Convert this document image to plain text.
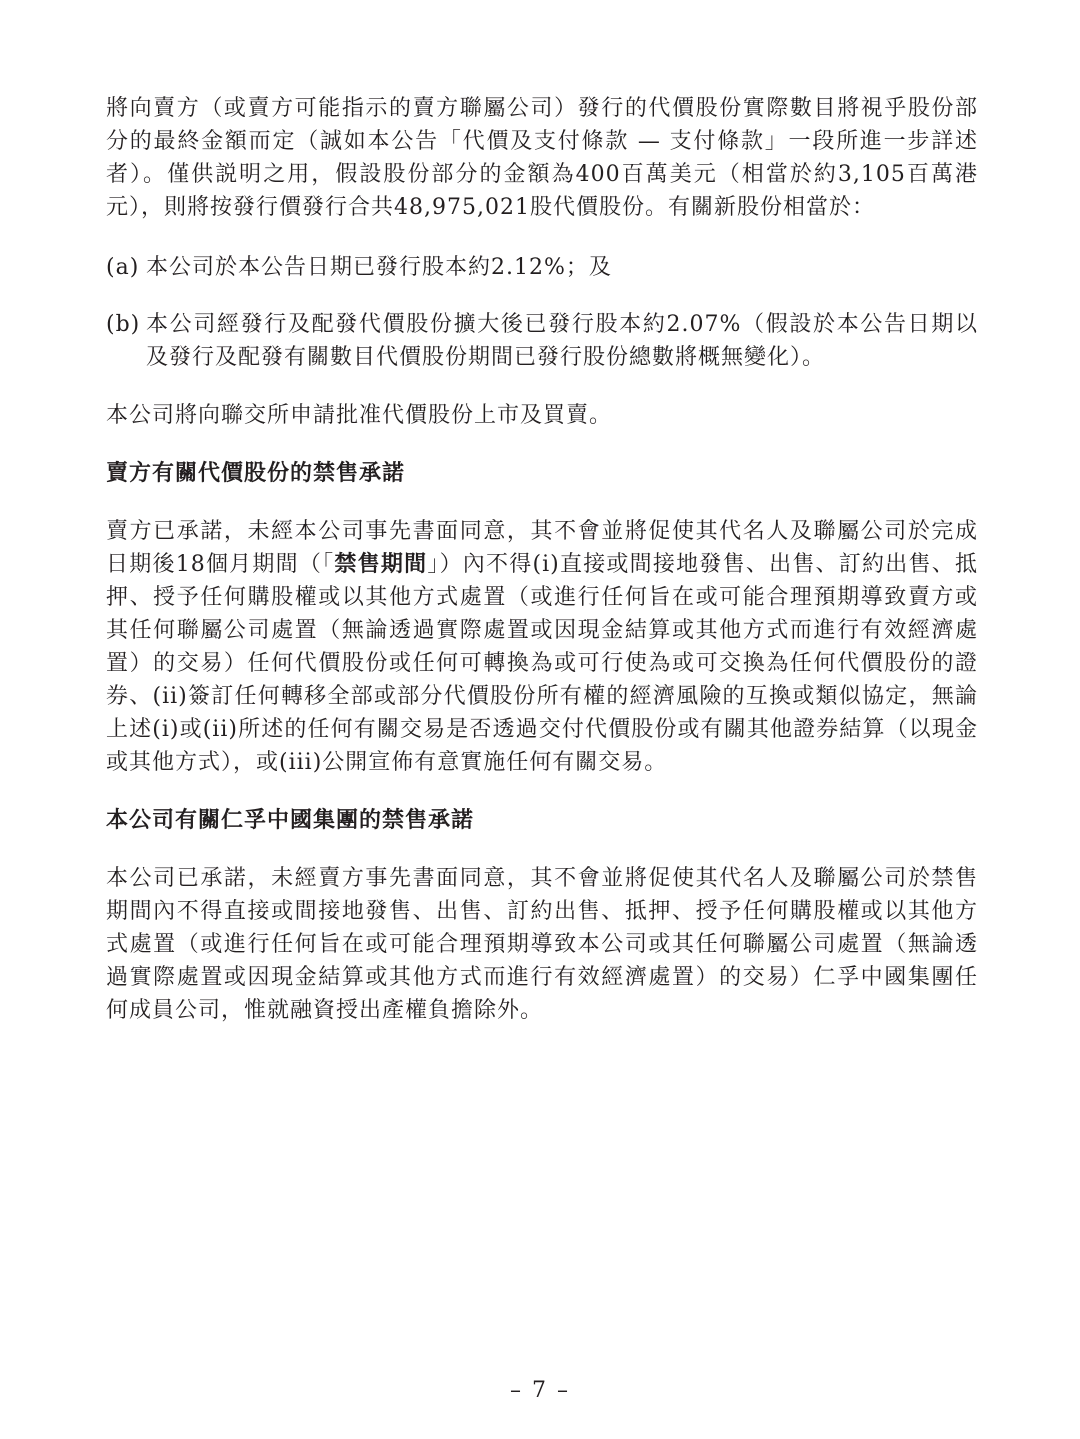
將向賣方（或賣方可能指示的賣方聯屬公司）發行的代價股份實際數目將視乎股份部分的最終金額而定（誠如本公告「代價及支付條款 — 支付條款」一段所進一步詳述者）。僅供説明之用，假設股份部分的金額為400百萬美元（相當於約3,105百萬港元），則將按發行價發行合共48,975,021股代價股份。有關新股份相當於：

(a) 本公司於本公告日期已發行股本約2.12%；及
(b) 本公司經發行及配發代價股份擴大後已發行股本約2.07%（假設於本公告日期以及發行及配發有關數目代價股份期間已發行股份總數將概無變化）。

本公司將向聯交所申請批准代價股份上市及買賣。

賣方有關代價股份的禁售承諾

賣方已承諾，未經本公司事先書面同意，其不會並將促使其代名人及聯屬公司於完成日期後18個月期間（「禁售期間」）內不得(i)直接或間接地發售、出售、訂約出售、抵押、授予任何購股權或以其他方式處置（或進行任何旨在或可能合理預期導致賣方或其任何聯屬公司處置（無論透過實際處置或因現金結算或其他方式而進行有效經濟處置）的交易）任何代價股份或任何可轉換為或可行使為或可交換為任何代價股份的證券、(ii)簽訂任何轉移全部或部分代價股份所有權的經濟風險的互換或類似協定，無論上述(i)或(ii)所述的任何有關交易是否透過交付代價股份或有關其他證券結算（以現金或其他方式），或(iii)公開宣佈有意實施任何有關交易。

本公司有關仁孚中國集團的禁售承諾

本公司已承諾，未經賣方事先書面同意，其不會並將促使其代名人及聯屬公司於禁售期間內不得直接或間接地發售、出售、訂約出售、抵押、授予任何購股權或以其他方式處置（或進行任何旨在或可能合理預期導致本公司或其任何聯屬公司處置（無論透過實際處置或因現金結算或其他方式而進行有效經濟處置）的交易）仁孚中國集團任何成員公司，惟就融資授出產權負擔除外。

– 7 –
